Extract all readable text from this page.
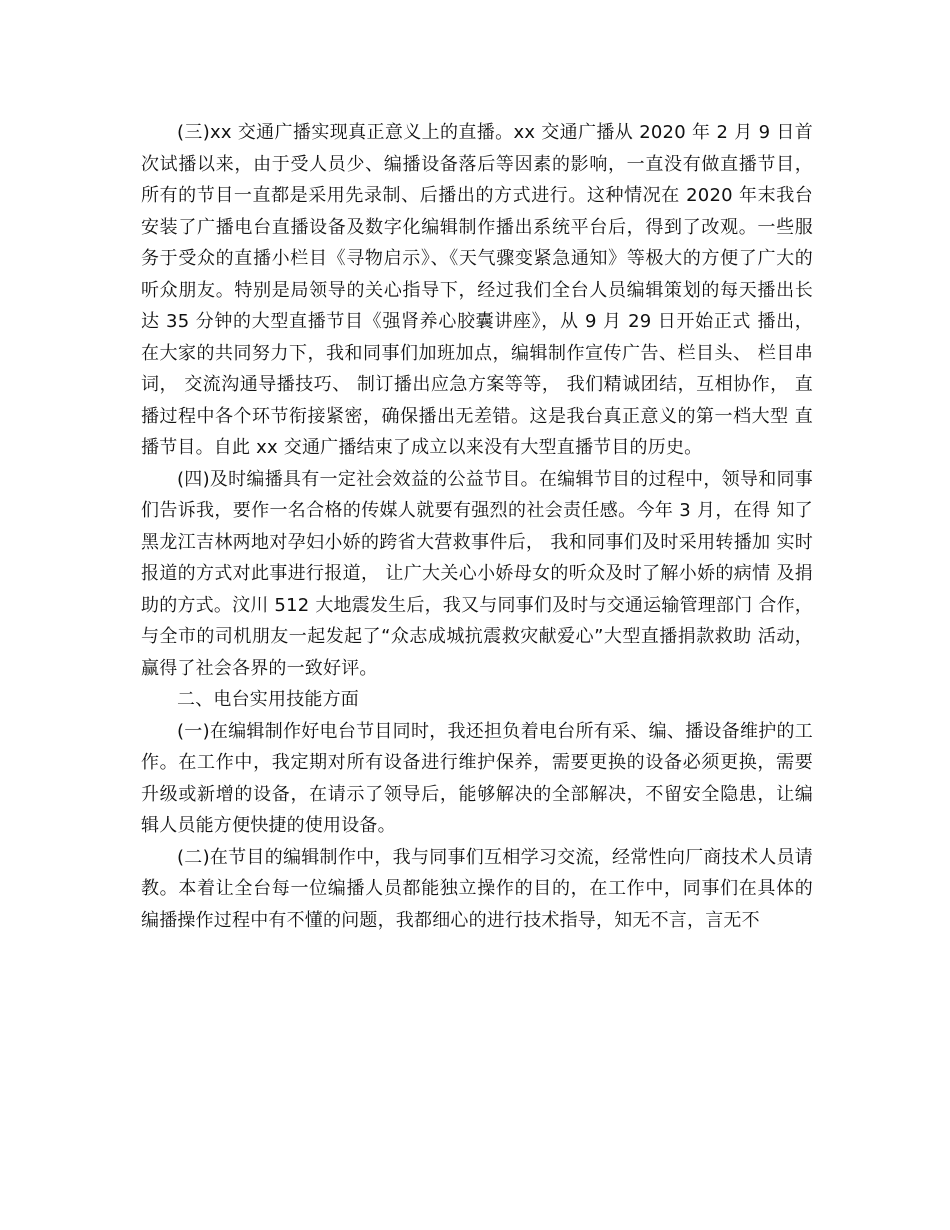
(三)xx 交通广播实现真正意义上的直播。xx 交通广播从 2020 年 2 月 9 日首次试播以来，由于受人员少、编播设备落后等因素的影响，一直没有做直播节目，所有的节目一直都是采用先录制、后播出的方式进行。这种情况在 2020 年末我台安装了广播电台直播设备及数字化编辑制作播出系统平台后，得到了改观。一些服务于受众的直播小栏目《寻物启示》、《天气骤变紧急通知》等极大的方便了广大的听众朋友。特别是局领导的关心指导下，经过我们全台人员编辑策划的每天播出长达 35 分钟的大型直播节目《强肾养心胶囊讲座》，从 9 月 29 日开始正式 播出，在大家的共同努力下，我和同事们加班加点，编辑制作宣传广告、栏目头、 栏目串词， 交流沟通导播技巧、 制订播出应急方案等等， 我们精诚团结，互相协作， 直播过程中各个环节衔接紧密，确保播出无差错。这是我台真正意义的第一档大型 直播节目。自此 xx 交通广播结束了成立以来没有大型直播节目的历史。

(四)及时编播具有一定社会效益的公益节目。在编辑节目的过程中，领导和同事们告诉我，要作一名合格的传媒人就要有强烈的社会责任感。今年 3 月，在得 知了黑龙江吉林两地对孕妇小娇的跨省大营救事件后， 我和同事们及时采用转播加 实时报道的方式对此事进行报道， 让广大关心小娇母女的听众及时了解小娇的病情 及捐助的方式。汶川 512 大地震发生后，我又与同事们及时与交通运输管理部门 合作，与全市的司机朋友一起发起了“众志成城抗震救灾献爱心”大型直播捐款救助 活动，赢得了社会各界的一致好评。

二、电台实用技能方面

(一)在编辑制作好电台节目同时，我还担负着电台所有采、编、播设备维护的工作。在工作中，我定期对所有设备进行维护保养，需要更换的设备必须更换，需要升级或新增的设备，在请示了领导后，能够解决的全部解决，不留安全隐患，让编辑人员能方便快捷的使用设备。

(二)在节目的编辑制作中，我与同事们互相学习交流，经常性向厂商技术人员请教。本着让全台每一位编播人员都能独立操作的目的，在工作中，同事们在具体的编播操作过程中有不懂的问题，我都细心的进行技术指导，知无不言，言无不
